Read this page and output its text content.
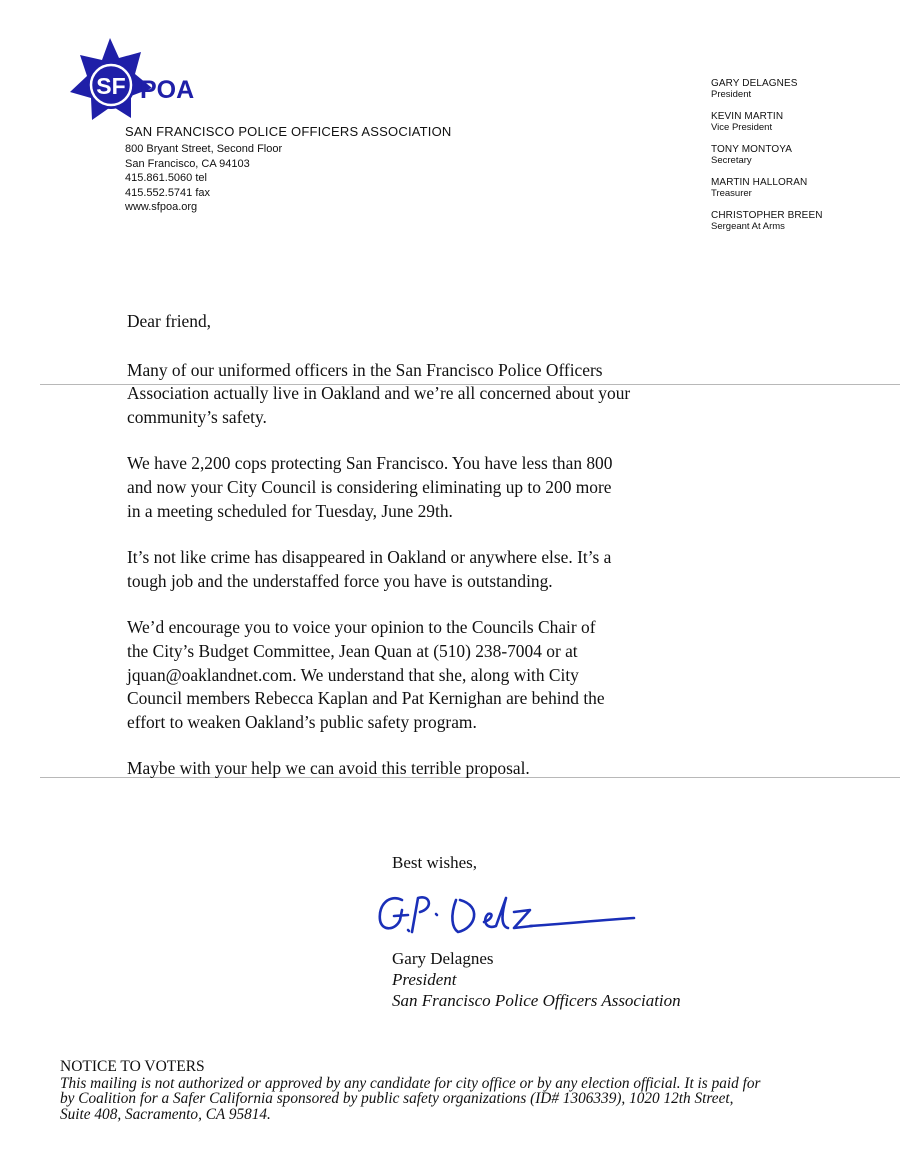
SF POA
SAN FRANCISCO POLICE OFFICERS ASSOCIATION
800 Bryant Street, Second Floor
San Francisco, CA 94103
415.861.5060 tel
415.552.5741 fax
www.sfpoa.org
GARY DELAGNES
President
KEVIN MARTIN
Vice President
TONY MONTOYA
Secretary
MARTIN HALLORAN
Treasurer
CHRISTOPHER BREEN
Sergeant At Arms

Dear friend,

Many of our uniformed officers in the San Francisco Police Officers
Association actually live in Oakland and we’re all concerned about your
community’s safety.

We have 2,200 cops protecting San Francisco. You have less than 800
and now your City Council is considering eliminating up to 200 more
in a meeting scheduled for Tuesday, June 29th.

It’s not like crime has disappeared in Oakland or anywhere else. It’s a
tough job and the understaffed force you have is outstanding.

We’d encourage you to voice your opinion to the Councils Chair of
the City’s Budget Committee, Jean Quan at (510) 238-7004 or at
jquan@oaklandnet.com. We understand that she, along with City
Council members Rebecca Kaplan and Pat Kernighan are behind the
effort to weaken Oakland’s public safety program.

Maybe with your help we can avoid this terrible proposal.

Best wishes,
Gary Delagnes
President
San Francisco Police Officers Association
NOTICE TO VOTERS
This mailing is not authorized or approved by any candidate for city office or by any election official. It is paid for
by Coalition for a Safer California sponsored by public safety organizations (ID# 1306339), 1020 12th Street,
Suite 408, Sacramento, CA 95814.
